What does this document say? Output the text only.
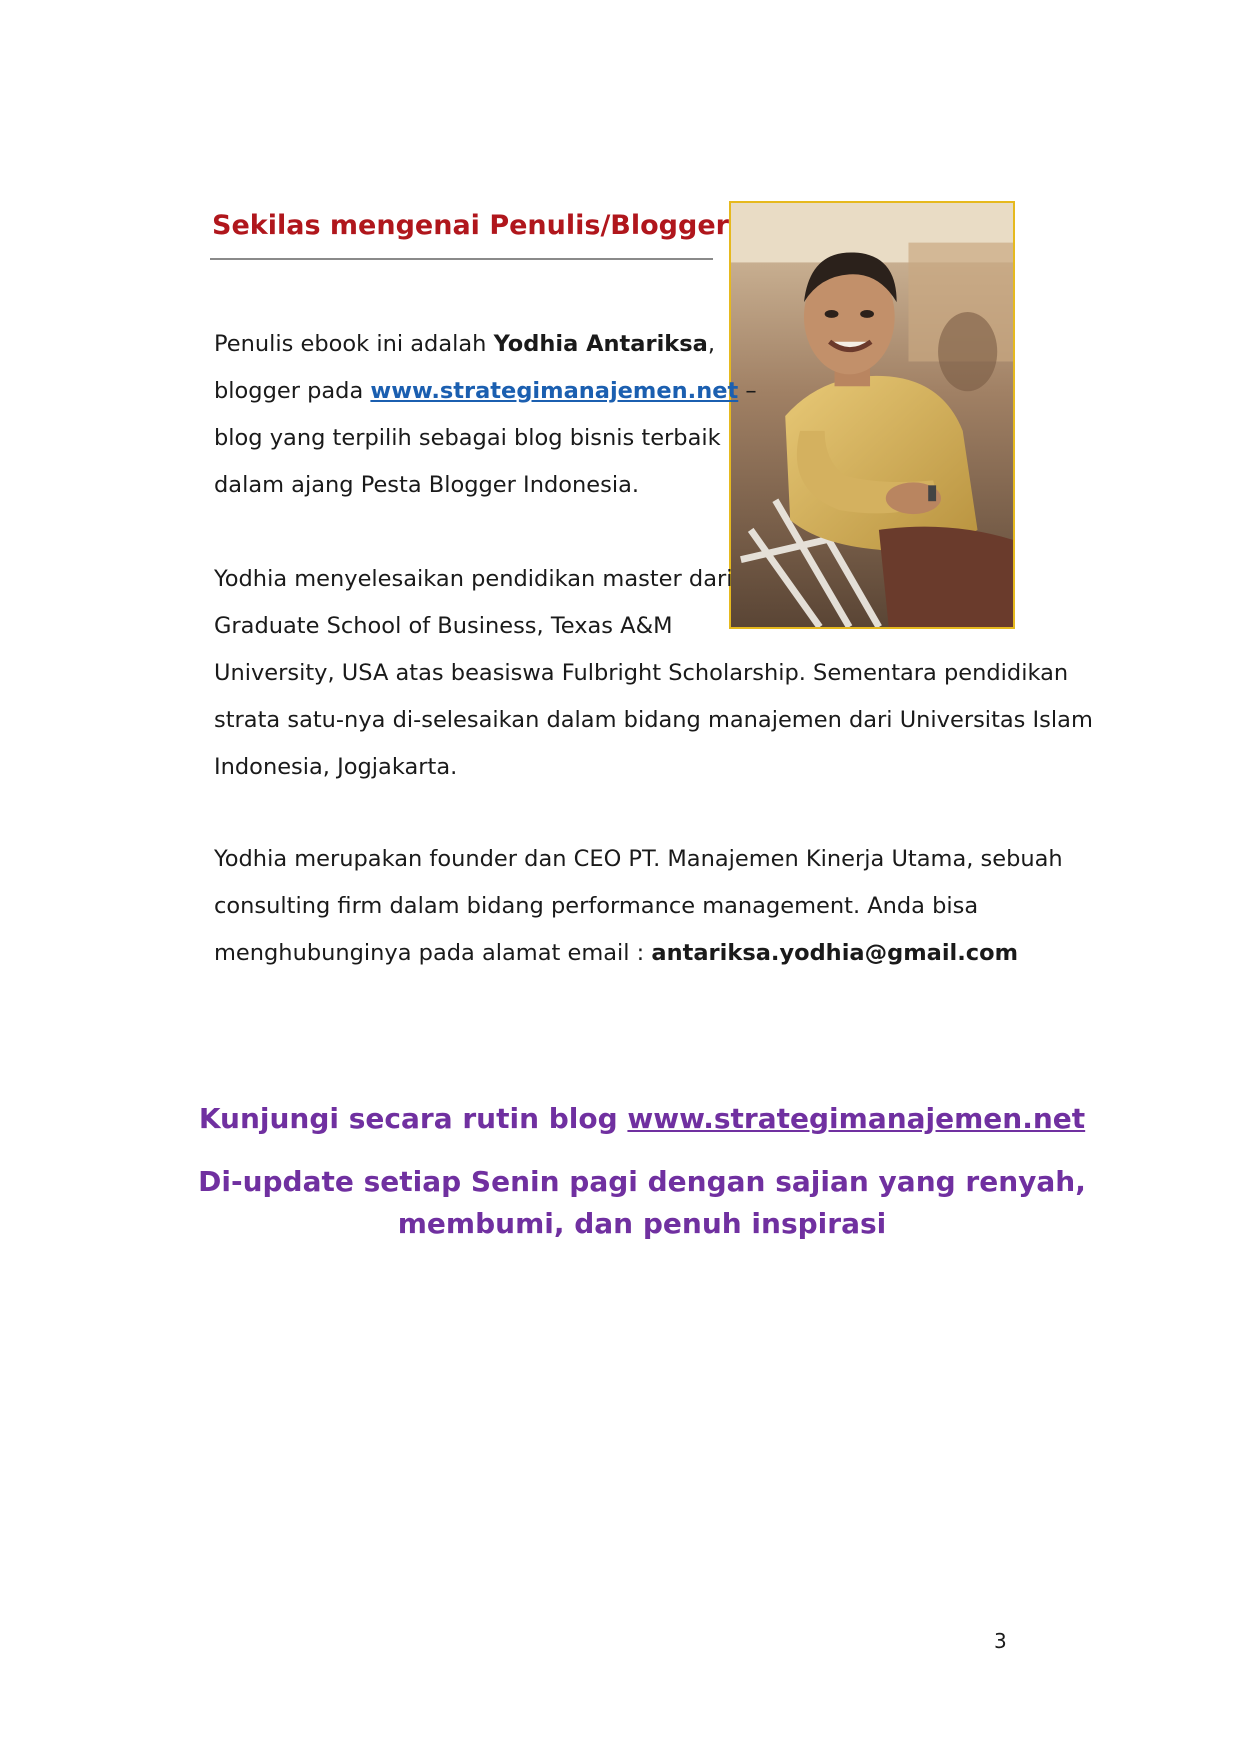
Sekilas mengenai Penulis/Blogger

Penulis ebook ini adalah Yodhia Antariksa,
blogger pada www.strategimanajemen.net –
blog yang terpilih sebagai blog bisnis terbaik
dalam ajang Pesta Blogger Indonesia.

Yodhia menyelesaikan pendidikan master dari
Graduate School of Business, Texas A&M
University, USA atas beasiswa Fulbright Scholarship. Sementara pendidikan
strata satu-nya di-selesaikan dalam bidang manajemen dari Universitas Islam
Indonesia, Jogjakarta.

Yodhia merupakan founder dan CEO PT. Manajemen Kinerja Utama, sebuah
consulting firm dalam bidang performance management. Anda bisa
menghubunginya pada alamat email : antariksa.yodhia@gmail.com

Kunjungi secara rutin blog www.strategimanajemen.net

Di-update setiap Senin pagi dengan sajian yang renyah,
membumi, dan penuh inspirasi

3
